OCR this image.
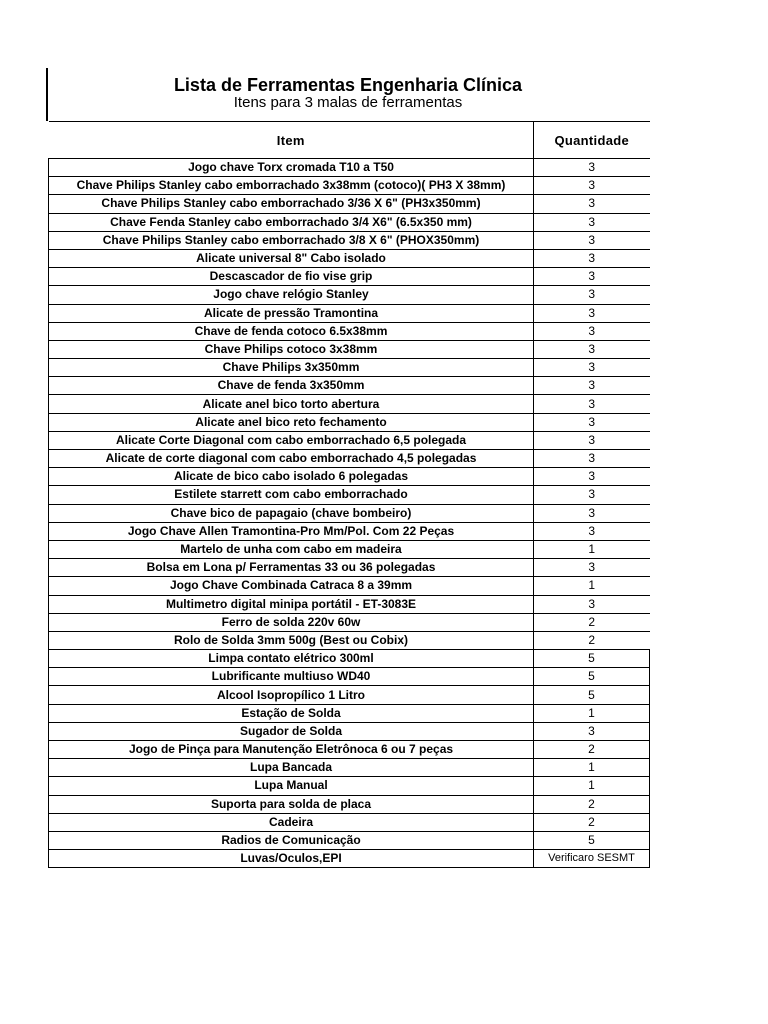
Lista de Ferramentas Engenharia Clínica
Itens para 3 malas de ferramentas
Item	Quantidade
Jogo chave Torx cromada T10 a T50	3
Chave Philips Stanley cabo emborrachado 3x38mm (cotoco)( PH3 X 38mm)	3
Chave Philips Stanley cabo emborrachado 3/36 X 6" (PH3x350mm)	3
Chave Fenda Stanley cabo emborrachado 3/4 X6" (6.5x350 mm)	3
Chave Philips Stanley cabo emborrachado 3/8 X 6" (PHOX350mm)	3
Alicate universal 8" Cabo isolado	3
Descascador de fio vise grip	3
Jogo chave relógio Stanley	3
Alicate de pressão Tramontina	3
Chave de fenda cotoco 6.5x38mm	3
Chave Philips cotoco 3x38mm	3
Chave Philips 3x350mm	3
Chave de fenda 3x350mm	3
Alicate anel bico torto abertura	3
Alicate anel bico reto fechamento	3
Alicate Corte Diagonal com cabo emborrachado 6,5 polegada	3
Alicate de corte diagonal com cabo emborrachado 4,5 polegadas	3
Alicate de bico cabo isolado 6 polegadas	3
Estilete starrett com cabo emborrachado	3
Chave bico de papagaio (chave bombeiro)	3
Jogo Chave Allen Tramontina-Pro Mm/Pol. Com 22 Peças	3
Martelo de unha com cabo em madeira	1
Bolsa em Lona p/ Ferramentas 33 ou 36 polegadas	3
Jogo Chave Combinada Catraca 8 a 39mm	1
Multimetro digital minipa portátil - ET-3083E	3
Ferro de solda 220v 60w	2
Rolo de Solda 3mm 500g (Best ou Cobix)	2
Limpa contato elétrico 300ml	5
Lubrificante multiuso WD40	5
Alcool Isopropílico 1 Litro	5
Estação de Solda	1
Sugador de Solda	3
Jogo de Pinça para Manutenção Eletrônoca 6 ou 7 peças	2
Lupa Bancada	1
Lupa Manual	1
Suporta para solda de placa	2
Cadeira	2
Radios de Comunicação	5
Luvas/Oculos,EPI	Verificaro SESMT
